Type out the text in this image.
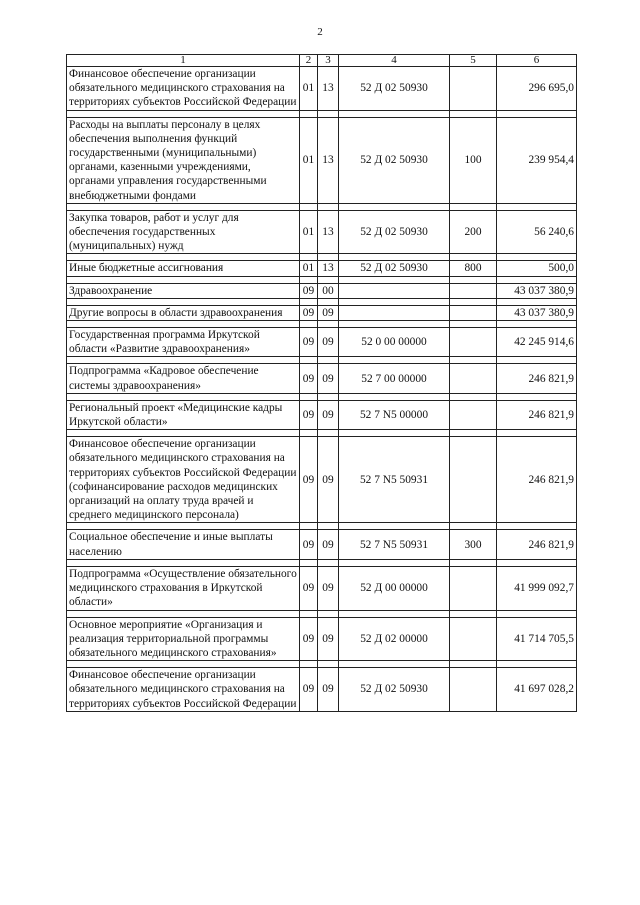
2
1	2	3	4	5	6
Финансовое обеспечение организации обязательного медицинского страхования на территориях субъектов Российской Федерации	01	13	52 Д 02 50930		296 695,0

Расходы на выплаты персоналу в целях обеспечения выполнения функций государственными (муниципальными) органами, казенными учреждениями, органами управления государственными внебюджетными фондами	01	13	52 Д 02 50930	100	239 954,4

Закупка товаров, работ и услуг для обеспечения государственных (муниципальных) нужд	01	13	52 Д 02 50930	200	56 240,6

Иные бюджетные ассигнования	01	13	52 Д 02 50930	800	500,0

Здравоохранение	09	00			43 037 380,9

Другие вопросы в области здравоохранения	09	09			43 037 380,9

Государственная программа Иркутской области «Развитие здравоохранения»	09	09	52 0 00 00000		42 245 914,6

Подпрограмма «Кадровое обеспечение системы здравоохранения»	09	09	52 7 00 00000		246 821,9

Региональный проект «Медицинские кадры Иркутской области»	09	09	52 7 N5 00000		246 821,9

Финансовое обеспечение организации обязательного медицинского страхования на территориях субъектов Российской Федерации (софинансирование расходов медицинских организаций на оплату труда врачей и среднего медицинского персонала)	09	09	52 7 N5 50931		246 821,9

Социальное обеспечение и иные выплаты населению	09	09	52 7 N5 50931	300	246 821,9

Подпрограмма «Осуществление обязательного медицинского страхования в Иркутской области»	09	09	52 Д 00 00000		41 999 092,7

Основное мероприятие «Организация и реализация территориальной программы обязательного медицинского страхования»	09	09	52 Д 02 00000		41 714 705,5

Финансовое обеспечение организации обязательного медицинского страхования на территориях субъектов Российской Федерации	09	09	52 Д 02 50930		41 697 028,2
